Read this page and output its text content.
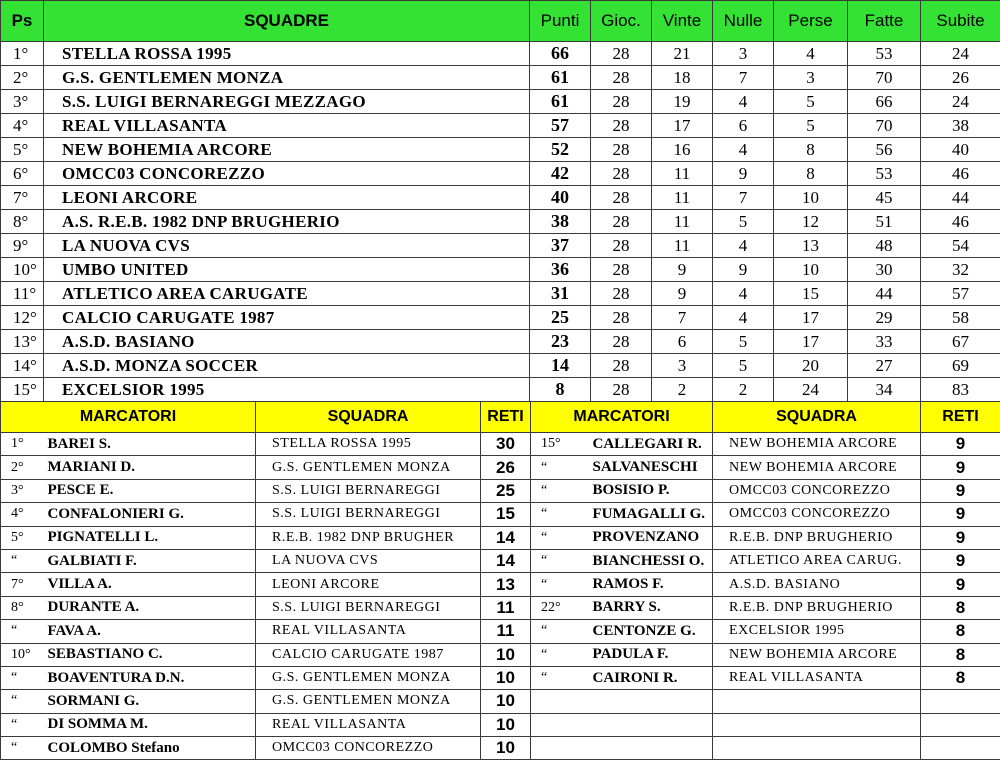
Ps	SQUADRE	Punti	Gioc.	Vinte	Nulle	Perse	Fatte	Subite
1°	STELLA ROSSA 1995	66	28	21	3	4	53	24
2°	G.S. GENTLEMEN MONZA	61	28	18	7	3	70	26
3°	S.S. LUIGI BERNAREGGI MEZZAGO	61	28	19	4	5	66	24
4°	REAL VILLASANTA	57	28	17	6	5	70	38
5°	NEW BOHEMIA ARCORE	52	28	16	4	8	56	40
6°	OMCC03 CONCOREZZO	42	28	11	9	8	53	46
7°	LEONI ARCORE	40	28	11	7	10	45	44
8°	A.S. R.E.B. 1982 DNP BRUGHERIO	38	28	11	5	12	51	46
9°	LA NUOVA CVS	37	28	11	4	13	48	54
10°	UMBO UNITED	36	28	9	9	10	30	32
11°	ATLETICO AREA CARUGATE	31	28	9	4	15	44	57
12°	CALCIO CARUGATE 1987	25	28	7	4	17	29	58
13°	A.S.D. BASIANO	23	28	6	5	17	33	67
14°	A.S.D. MONZA SOCCER	14	28	3	5	20	27	69
15°	EXCELSIOR 1995	8	28	2	2	24	34	83
MARCATORI		SQUADRA	RETI	MARCATORI		SQUADRA	RETI
1°	BAREI S.	STELLA ROSSA 1995	30	15°	CALLEGARI R.	NEW BOHEMIA ARCORE	9
2°	MARIANI D.	G.S. GENTLEMEN MONZA	26	“	SALVANESCHI	NEW BOHEMIA ARCORE	9
3°	PESCE E.	S.S. LUIGI BERNAREGGI	25	“	BOSISIO P.	OMCC03 CONCOREZZO	9
4°	CONFALONIERI G.	S.S. LUIGI BERNAREGGI	15	“	FUMAGALLI G.	OMCC03 CONCOREZZO	9
5°	PIGNATELLI L.	R.E.B. 1982 DNP BRUGHER	14	“	PROVENZANO	R.E.B. DNP BRUGHERIO	9
“	GALBIATI F.	LA NUOVA CVS	14	“	BIANCHESSI O.	ATLETICO AREA CARUG.	9
7°	VILLA A.	LEONI ARCORE	13	“	RAMOS F.	A.S.D. BASIANO	9
8°	DURANTE A.	S.S. LUIGI BERNAREGGI	11	22°	BARRY S.	R.E.B. DNP BRUGHERIO	8
“	FAVA A.	REAL VILLASANTA	11	“	CENTONZE G.	EXCELSIOR 1995	8
10°	SEBASTIANO C.	CALCIO CARUGATE 1987	10	“	PADULA F.	NEW BOHEMIA ARCORE	8
“	BOAVENTURA D.N.	G.S. GENTLEMEN MONZA	10	“	CAIRONI R.	REAL VILLASANTA	8
“	SORMANI G.	G.S. GENTLEMEN MONZA	10				
“	DI SOMMA M.	REAL VILLASANTA	10				
“	COLOMBO Stefano	OMCC03 CONCOREZZO	10				
